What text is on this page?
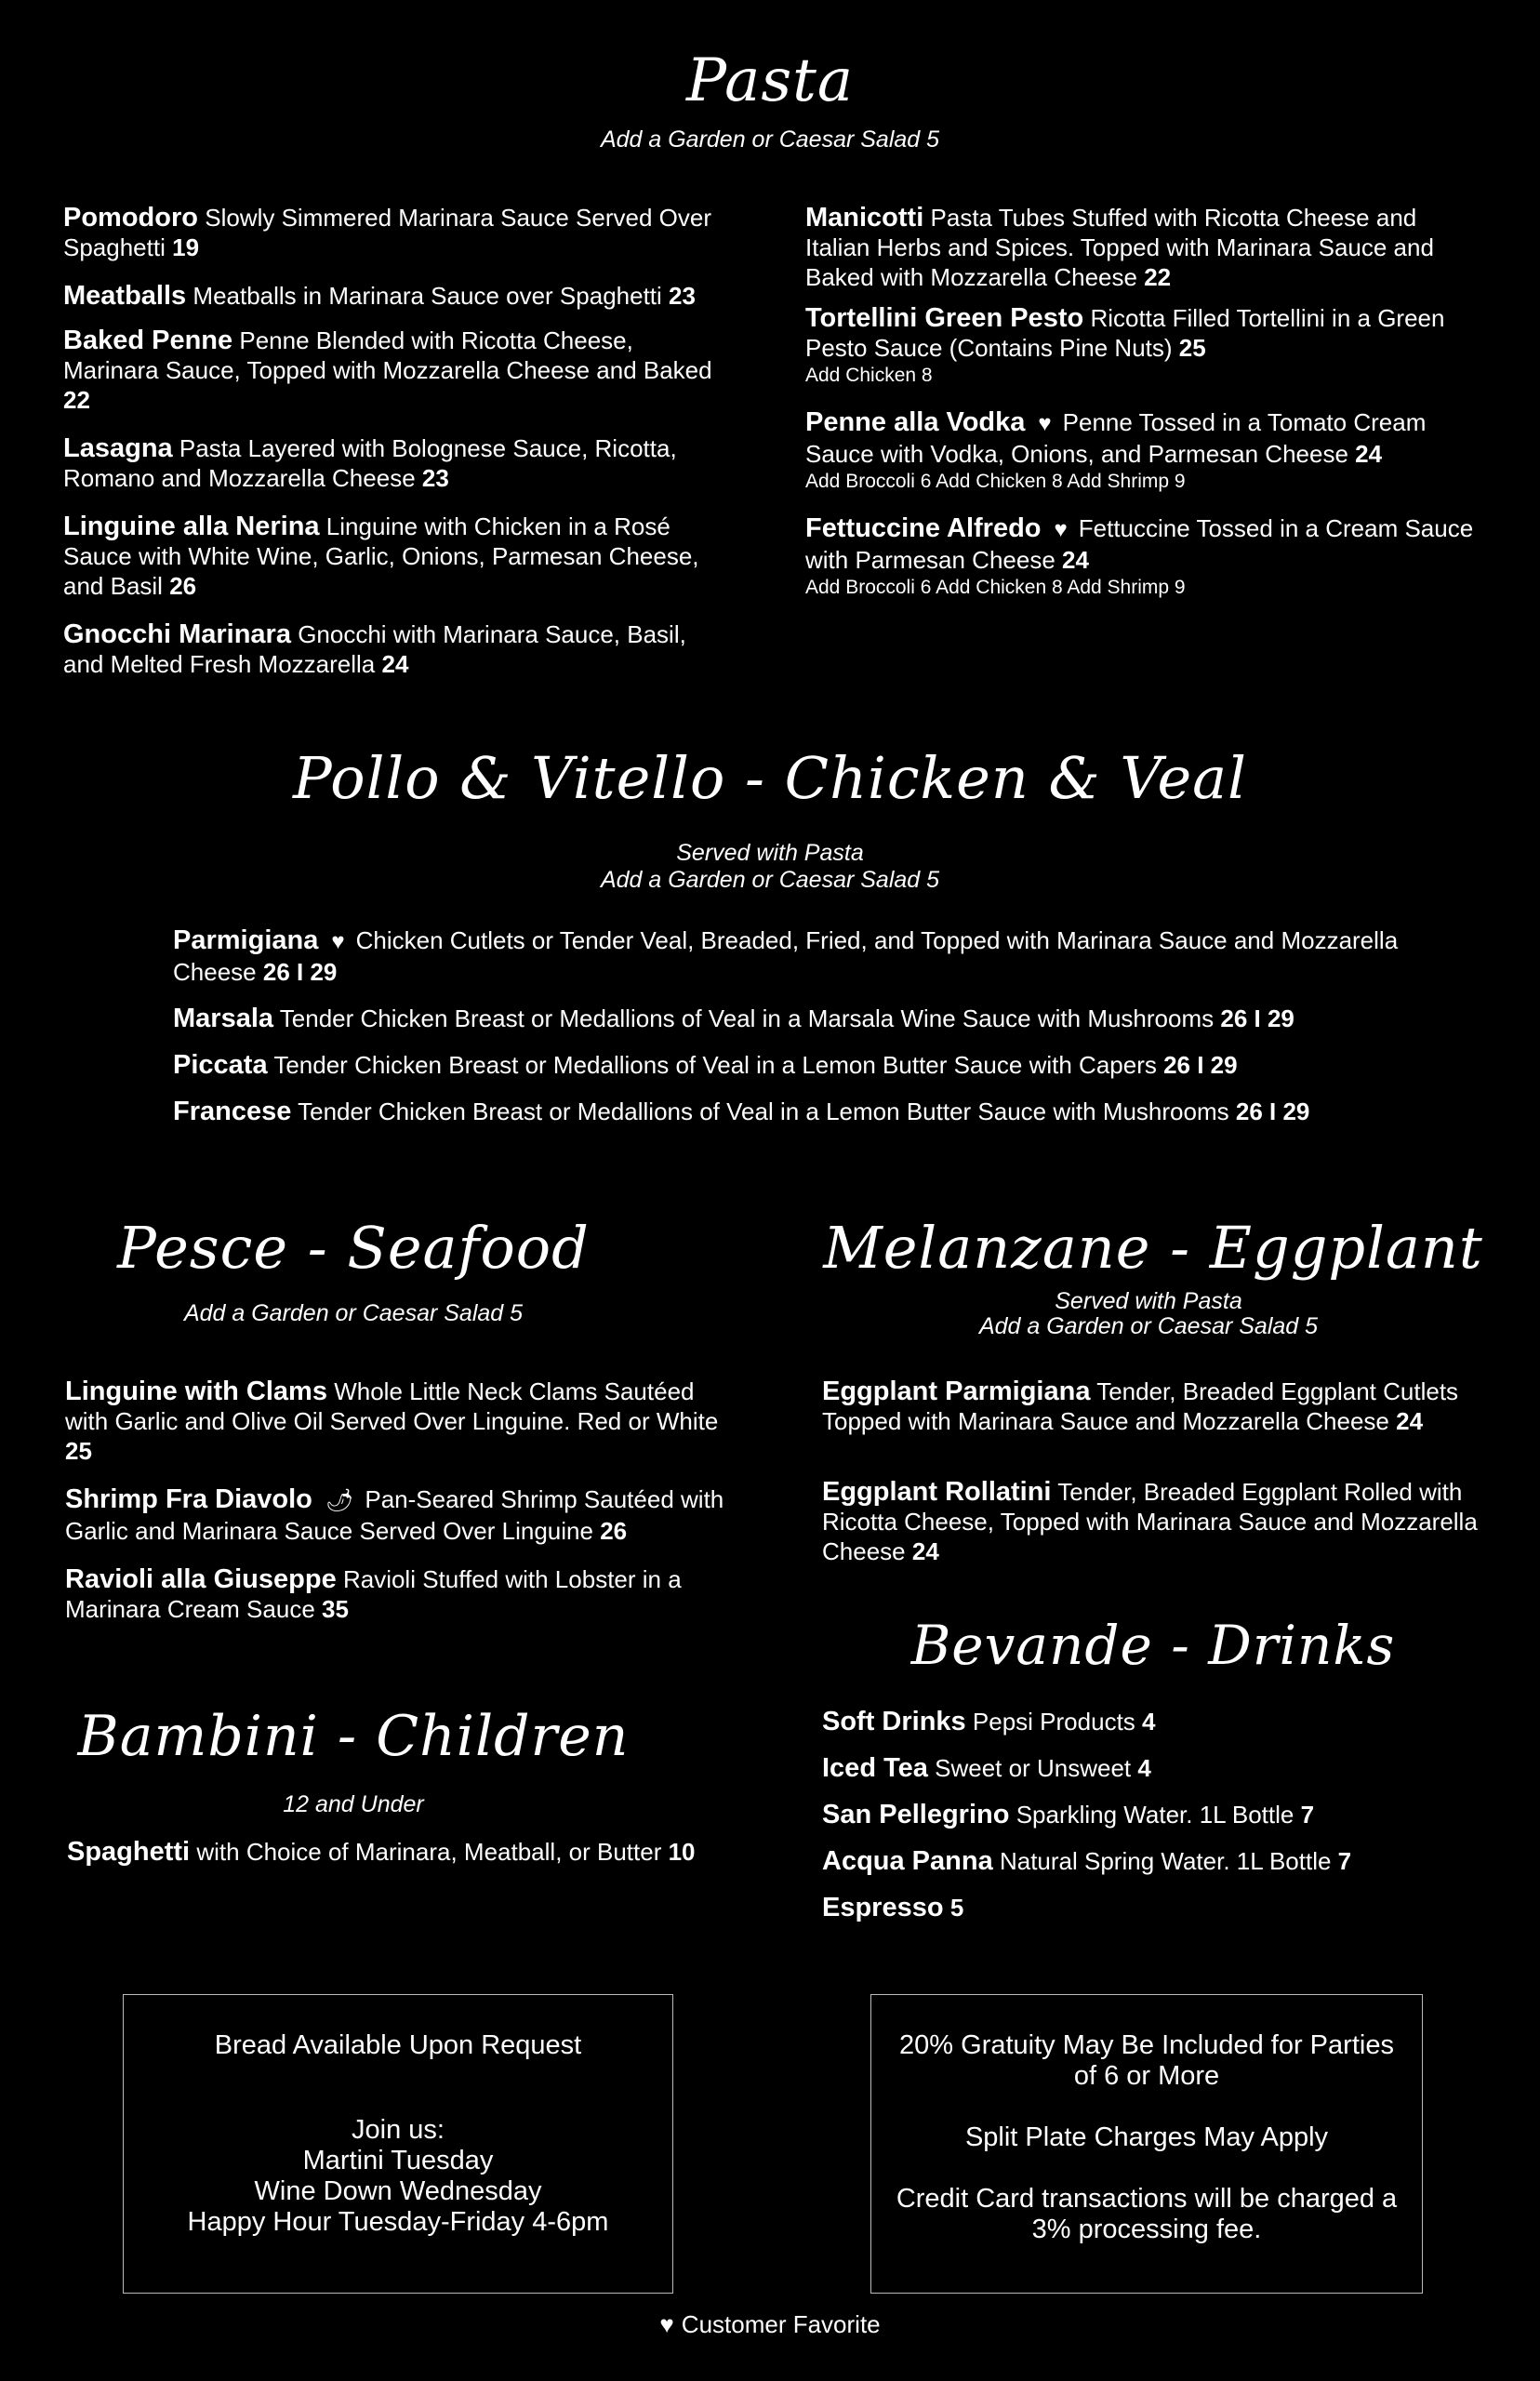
Pasta
Add a Garden or Caesar Salad 5

Pomodoro Slowly Simmered Marinara Sauce Served Over Spaghetti 19

Meatballs Meatballs in Marinara Sauce over Spaghetti 23

Baked Penne Penne Blended with Ricotta Cheese, Marinara Sauce, Topped with Mozzarella Cheese and Baked 22

Lasagna Pasta Layered with Bolognese Sauce, Ricotta, Romano and Mozzarella Cheese 23

Linguine alla Nerina Linguine with Chicken in a Rosé Sauce with White Wine, Garlic, Onions, Parmesan Cheese, and Basil 26

Gnocchi Marinara Gnocchi with Marinara Sauce, Basil, and Melted Fresh Mozzarella 24

Manicotti Pasta Tubes Stuffed with Ricotta Cheese and Italian Herbs and Spices. Topped with Marinara Sauce and Baked with Mozzarella Cheese 22

Tortellini Green Pesto Ricotta Filled Tortellini in a Green Pesto Sauce (Contains Pine Nuts) 25
Add Chicken 8

Penne alla Vodka ♥ Penne Tossed in a Tomato Cream Sauce with Vodka, Onions, and Parmesan Cheese 24
Add Broccoli 6 Add Chicken 8 Add Shrimp 9

Fettuccine Alfredo ♥ Fettuccine Tossed in a Cream Sauce with Parmesan Cheese 24
Add Broccoli 6 Add Chicken 8 Add Shrimp 9

Pollo & Vitello - Chicken & Veal
Served with Pasta
Add a Garden or Caesar Salad 5

Parmigiana ♥ Chicken Cutlets or Tender Veal, Breaded, Fried, and Topped with Marinara Sauce and Mozzarella Cheese 26 I 29

Marsala Tender Chicken Breast or Medallions of Veal in a Marsala Wine Sauce with Mushrooms 26 I 29

Piccata Tender Chicken Breast or Medallions of Veal in a Lemon Butter Sauce with Capers 26 I 29

Francese Tender Chicken Breast or Medallions of Veal in a Lemon Butter Sauce with Mushrooms 26 I 29

Pesce - Seafood
Add a Garden or Caesar Salad 5

Linguine with Clams Whole Little Neck Clams Sautéed with Garlic and Olive Oil Served Over Linguine. Red or White 25

Shrimp Fra Diavolo 🌶 Pan-Seared Shrimp Sautéed with Garlic and Marinara Sauce Served Over Linguine 26

Ravioli alla Giuseppe Ravioli Stuffed with Lobster in a Marinara Cream Sauce 35

Bambini - Children
12 and Under

Spaghetti with Choice of Marinara, Meatball, or Butter 10

Melanzane - Eggplant
Served with Pasta
Add a Garden or Caesar Salad 5

Eggplant Parmigiana Tender, Breaded Eggplant Cutlets Topped with Marinara Sauce and Mozzarella Cheese 24

Eggplant Rollatini Tender, Breaded Eggplant Rolled with Ricotta Cheese, Topped with Marinara Sauce and Mozzarella Cheese 24

Bevande - Drinks

Soft Drinks Pepsi Products 4

Iced Tea Sweet or Unsweet 4

San Pellegrino Sparkling Water. 1L Bottle 7

Acqua Panna Natural Spring Water. 1L Bottle 7

Espresso 5

Bread Available Upon Request

Join us:
Martini Tuesday
Wine Down Wednesday
Happy Hour Tuesday-Friday 4-6pm

20% Gratuity May Be Included for Parties of 6 or More

Split Plate Charges May Apply

Credit Card transactions will be charged a 3% processing fee.

♥ Customer Favorite
